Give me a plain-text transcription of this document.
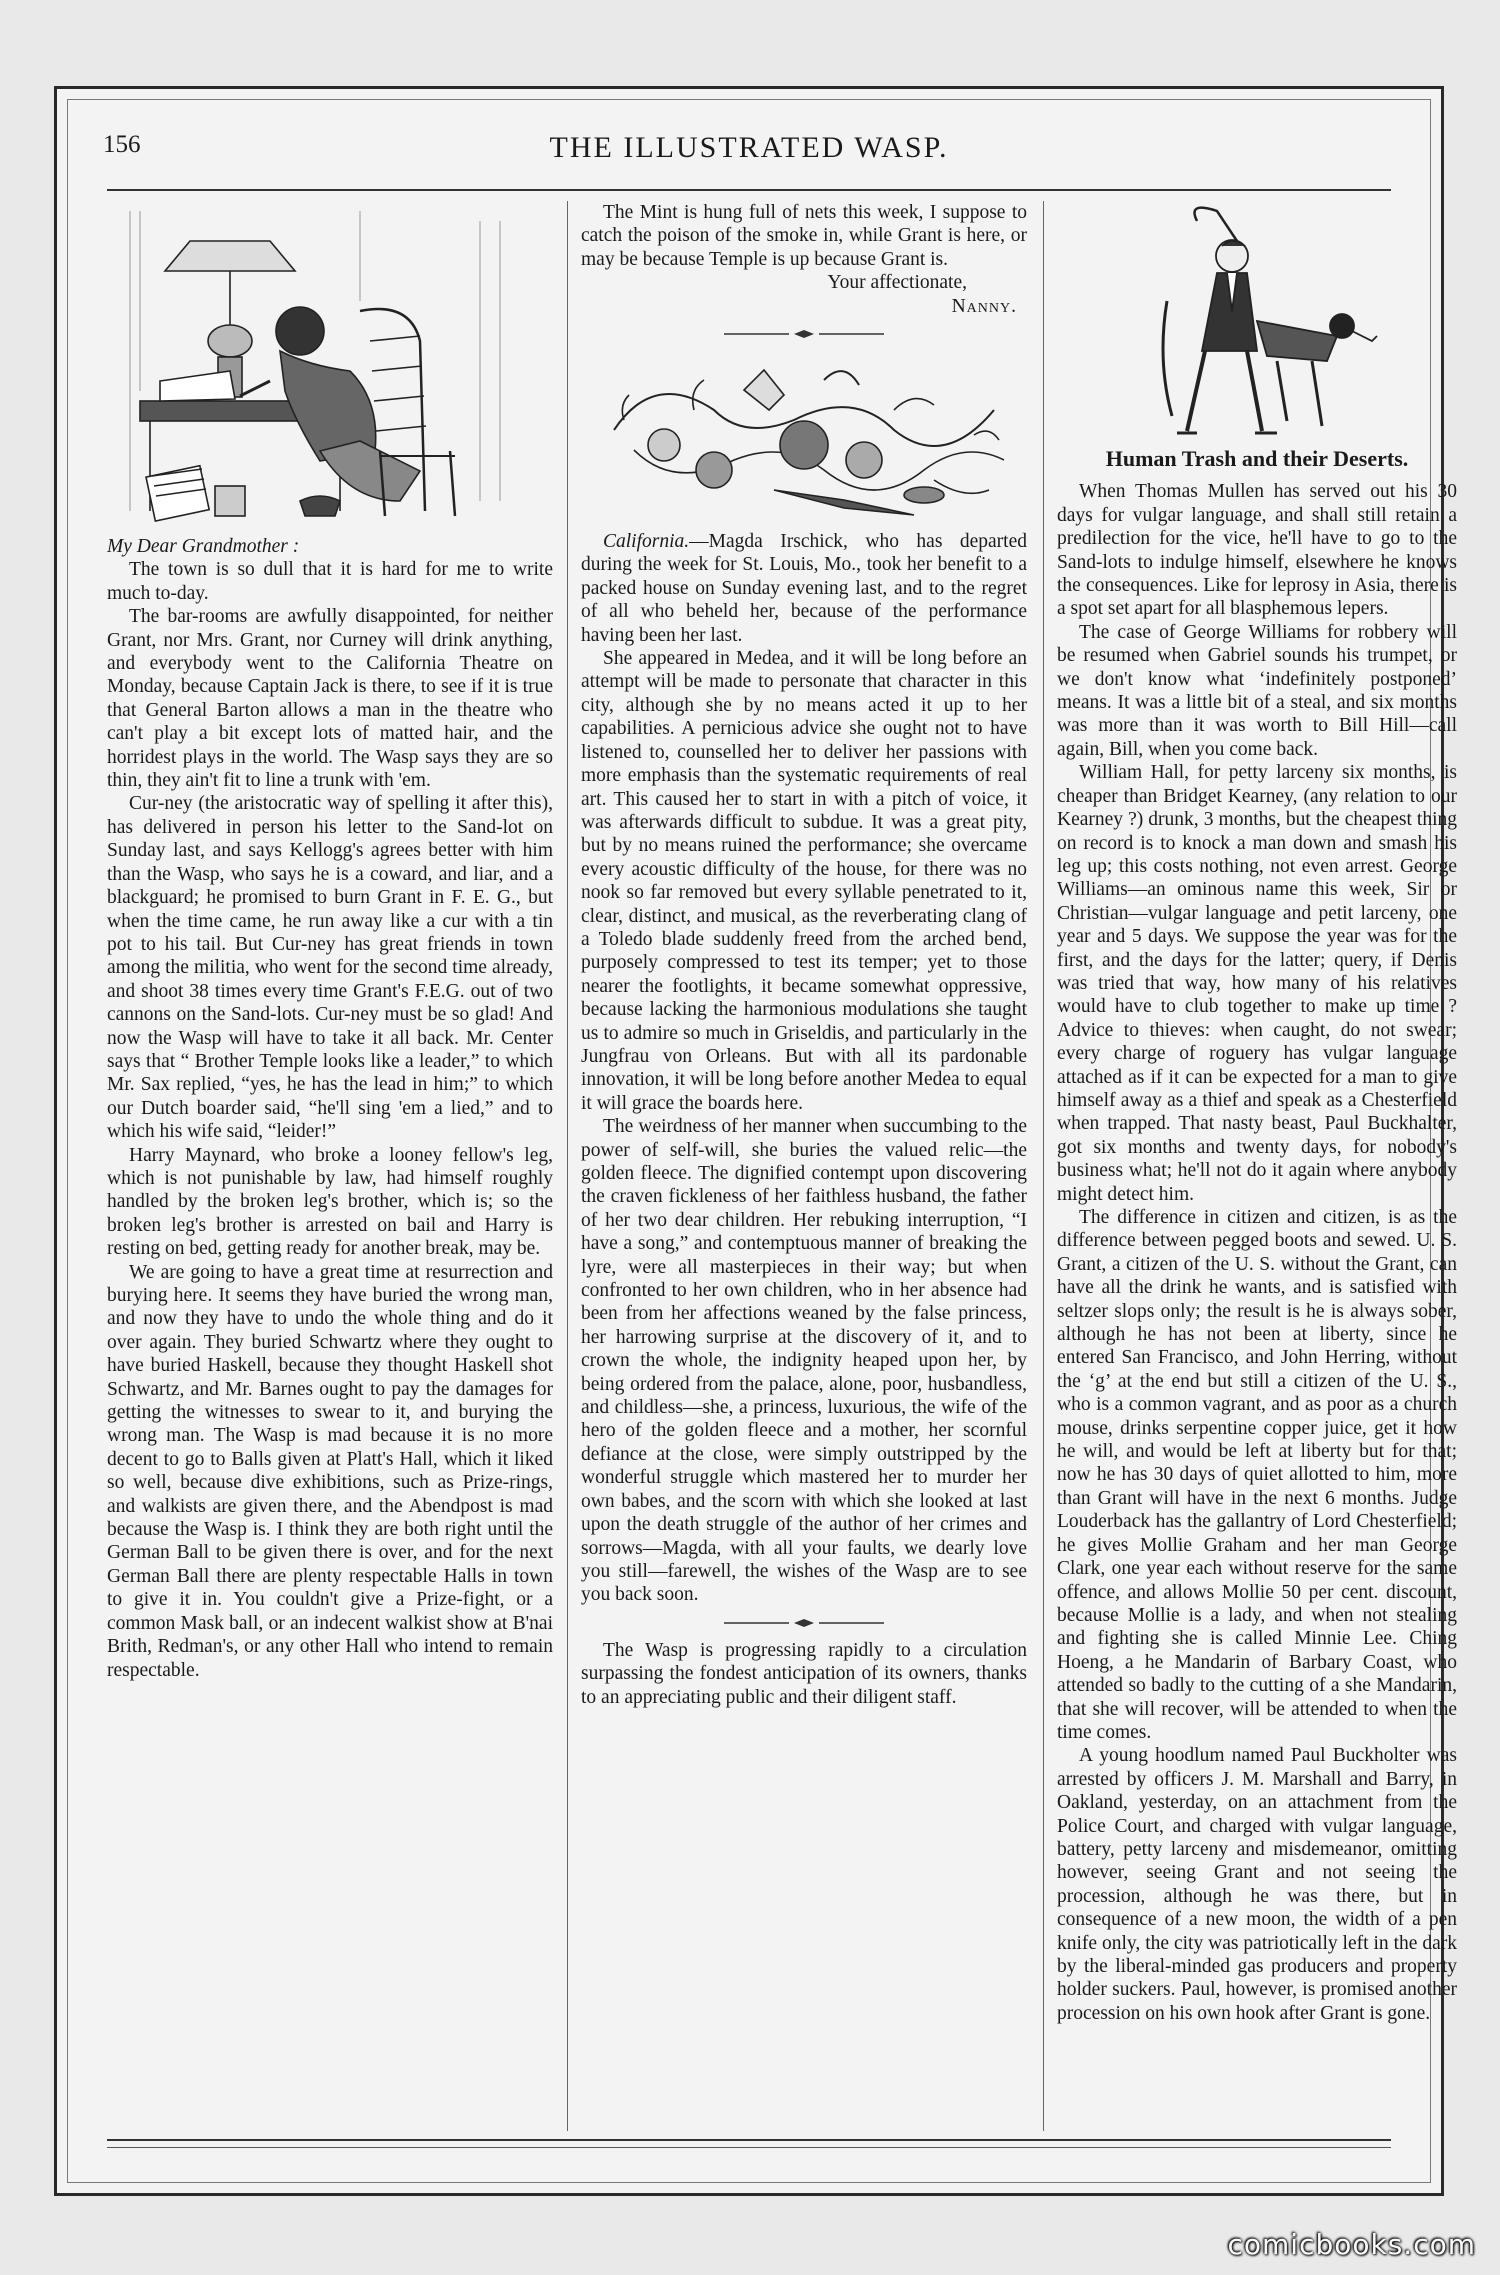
156	THE ILLUSTRATED WASP.

My Dear Grandmother :

The town is so dull that it is hard for me to write much to-day.

The bar-rooms are awfully disappointed, for neither Grant, nor Mrs. Grant, nor Curney will drink anything, and everybody went to the California Theatre on Monday, because Captain Jack is there, to see if it is true that General Barton allows a man in the theatre who can't play a bit except lots of matted hair, and the horridest plays in the world. The Wasp says they are so thin, they ain't fit to line a trunk with 'em.

Cur-ney (the aristocratic way of spelling it after this), has delivered in person his letter to the Sand-lot on Sunday last, and says Kellogg's agrees better with him than the Wasp, who says he is a coward, and liar, and a blackguard; he promised to burn Grant in F. E. G., but when the time came, he run away like a cur with a tin pot to his tail. But Cur-ney has great friends in town among the militia, who went for the second time already, and shoot 38 times every time Grant's F.E.G. out of two cannons on the Sand-lots. Cur-ney must be so glad! And now the Wasp will have to take it all back. Mr. Center says that “ Brother Temple looks like a leader,” to which Mr. Sax replied, “yes, he has the lead in him;” to which our Dutch boarder said, “he'll sing 'em a lied,” and to which his wife said, “leider!”

Harry Maynard, who broke a looney fellow's leg, which is not punishable by law, had himself roughly handled by the broken leg's brother, which is; so the broken leg's brother is arrested on bail and Harry is resting on bed, getting ready for another break, may be.

We are going to have a great time at resurrection and burying here. It seems they have buried the wrong man, and now they have to undo the whole thing and do it over again. They buried Schwartz where they ought to have buried Haskell, because they thought Haskell shot Schwartz, and Mr. Barnes ought to pay the damages for getting the witnesses to swear to it, and burying the wrong man. The Wasp is mad because it is no more decent to go to Balls given at Platt's Hall, which it liked so well, because dive exhibitions, such as Prize-rings, and walkists are given there, and the Abendpost is mad because the Wasp is. I think they are both right until the German Ball to be given there is over, and for the next German Ball there are plenty respectable Halls in town to give it in. You couldn't give a Prize-fight, or a common Mask ball, or an indecent walkist show at B'nai Brith, Redman's, or any other Hall who intend to remain respectable.

The Mint is hung full of nets this week, I suppose to catch the poison of the smoke in, while Grant is here, or may be because Temple is up because Grant is.

Your affectionate,

Nanny.

California.—Magda Irschick, who has departed during the week for St. Louis, Mo., took her benefit to a packed house on Sunday evening last, and to the regret of all who beheld her, because of the performance having been her last.

She appeared in Medea, and it will be long before an attempt will be made to personate that character in this city, although she by no means acted it up to her capabilities. A pernicious advice she ought not to have listened to, counselled her to deliver her passions with more emphasis than the systematic requirements of real art. This caused her to start in with a pitch of voice, it was afterwards difficult to subdue. It was a great pity, but by no means ruined the performance; she overcame every acoustic difficulty of the house, for there was no nook so far removed but every syllable penetrated to it, clear, distinct, and musical, as the reverberating clang of a Toledo blade suddenly freed from the arched bend, purposely compressed to test its temper; yet to those nearer the footlights, it became somewhat oppressive, because lacking the harmonious modulations she taught us to admire so much in Griseldis, and particularly in the Jungfrau von Orleans. But with all its pardonable innovation, it will be long before another Medea to equal it will grace the boards here.

The weirdness of her manner when succumbing to the power of self-will, she buries the valued relic—the golden fleece. The dignified contempt upon discovering the craven fickleness of her faithless husband, the father of her two dear children. Her rebuking interruption, “I have a song,” and contemptuous manner of breaking the lyre, were all masterpieces in their way; but when confronted to her own children, who in her absence had been from her affections weaned by the false princess, her harrowing surprise at the discovery of it, and to crown the whole, the indignity heaped upon her, by being ordered from the palace, alone, poor, husbandless, and childless—she, a princess, luxurious, the wife of the hero of the golden fleece and a mother, her scornful defiance at the close, were simply outstripped by the wonderful struggle which mastered her to murder her own babes, and the scorn with which she looked at last upon the death struggle of the author of her crimes and sorrows—Magda, with all your faults, we dearly love you still—farewell, the wishes of the Wasp are to see you back soon.

The Wasp is progressing rapidly to a circulation surpassing the fondest anticipation of its owners, thanks to an appreciating public and their diligent staff.

Human Trash and their Deserts.

When Thomas Mullen has served out his 30 days for vulgar language, and shall still retain a predilection for the vice, he'll have to go to the Sand-lots to indulge himself, elsewhere he knows the consequences. Like for leprosy in Asia, there is a spot set apart for all blasphemous lepers.

The case of George Williams for robbery will be resumed when Gabriel sounds his trumpet, or we don't know what ‘indefinitely postponed’ means. It was a little bit of a steal, and six months was more than it was worth to Bill Hill—call again, Bill, when you come back.

William Hall, for petty larceny six months, is cheaper than Bridget Kearney, (any relation to our Kearney ?) drunk, 3 months, but the cheapest thing on record is to knock a man down and smash his leg up; this costs nothing, not even arrest. George Williams—an ominous name this week, Sir or Christian—vulgar language and petit larceny, one year and 5 days. We suppose the year was for the first, and the days for the latter; query, if Denis was tried that way, how many of his relatives would have to club together to make up time ? Advice to thieves: when caught, do not swear; every charge of roguery has vulgar language attached as if it can be expected for a man to give himself away as a thief and speak as a Chesterfield when trapped. That nasty beast, Paul Buckhalter, got six months and twenty days, for nobody's business what; he'll not do it again where anybody might detect him.

The difference in citizen and citizen, is as the difference between pegged boots and sewed. U. S. Grant, a citizen of the U. S. without the Grant, can have all the drink he wants, and is satisfied with seltzer slops only; the result is he is always sober, although he has not been at liberty, since he entered San Francisco, and John Herring, without the ‘g’ at the end but still a citizen of the U. S., who is a common vagrant, and as poor as a church mouse, drinks serpentine copper juice, get it how he will, and would be left at liberty but for that; now he has 30 days of quiet allotted to him, more than Grant will have in the next 6 months. Judge Louderback has the gallantry of Lord Chesterfield; he gives Mollie Graham and her man George Clark, one year each without reserve for the same offence, and allows Mollie 50 per cent. discount, because Mollie is a lady, and when not stealing and fighting she is called Minnie Lee. Ching Hoeng, a he Mandarin of Barbary Coast, who attended so badly to the cutting of a she Mandarin, that she will recover, will be attended to when the time comes.

A young hoodlum named Paul Buckholter was arrested by officers J. M. Marshall and Barry, in Oakland, yesterday, on an attachment from the Police Court, and charged with vulgar language, battery, petty larceny and misdemeanor, omitting however, seeing Grant and not seeing the procession, although he was there, but in consequence of a new moon, the width of a pen knife only, the city was patriotically left in the dark by the liberal-minded gas producers and property holder suckers. Paul, however, is promised another procession on his own hook after Grant is gone.

comicbooks.com
